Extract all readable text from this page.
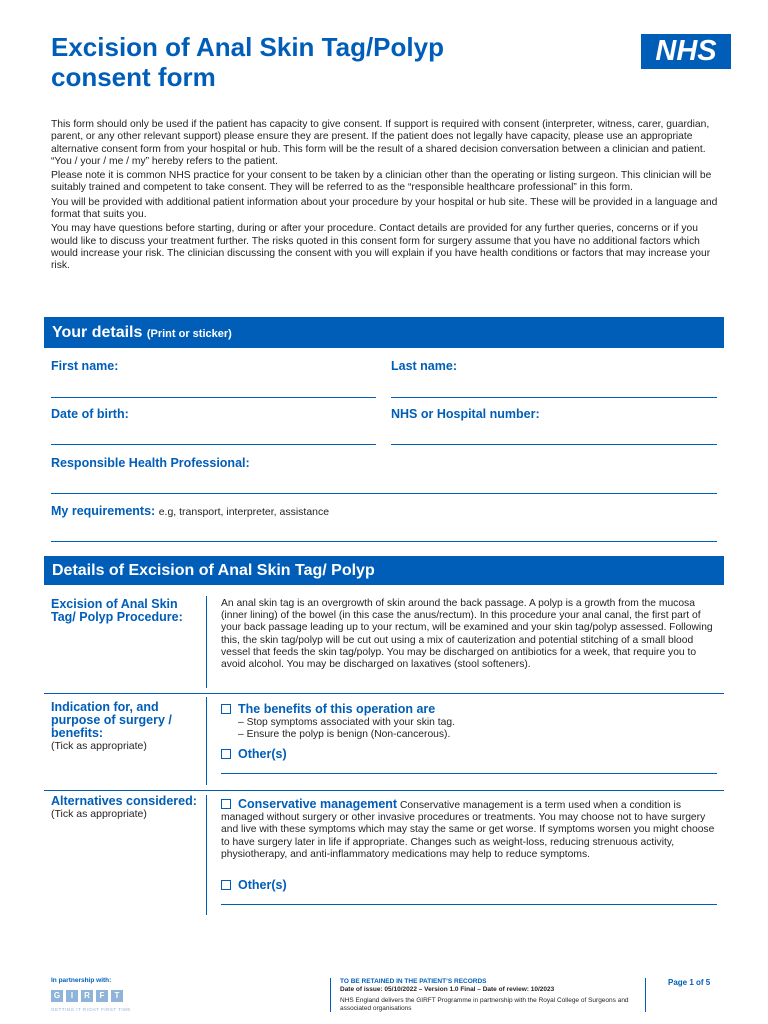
Excision of Anal Skin Tag/Polyp
consent form
NHS

This form should only be used if the patient has capacity to give consent. If support is required with consent (interpreter, witness, carer, guardian, parent, or any other relevant support) please ensure they are present. If the patient does not legally have capacity, please use an appropriate alternative consent form from your hospital or hub. This form will be the result of a shared decision conversation between a clinician and patient. “You / your / me / my” hereby refers to the patient.

Please note it is common NHS practice for your consent to be taken by a clinician other than the operating or listing surgeon. This clinician will be suitably trained and competent to take consent. They will be referred to as the “responsible healthcare professional” in this form.

You will be provided with additional patient information about your procedure by your hospital or hub site. These will be provided in a language and format that suits you.

You may have questions before starting, during or after your procedure. Contact details are provided for any further queries, concerns or if you would like to discuss your treatment further. The risks quoted in this consent form for surgery assume that you have no additional factors which would increase your risk. The clinician discussing the consent with you will explain if you have health conditions or factors that may increase your risk.

Your details (Print or sticker)
First name:	Last name:
Date of birth:	NHS or Hospital number:
Responsible Health Professional:
My requirements: e.g, transport, interpreter, assistance
Details of Excision of Anal Skin Tag/ Polyp
Excision of Anal Skin Tag/ Polyp Procedure:
An anal skin tag is an overgrowth of skin around the back passage. A polyp is a growth from the mucosa (inner lining) of the bowel (in this case the anus/rectum). In this procedure your anal canal, the first part of your back passage leading up to your rectum, will be examined and your skin tag/polyp assessed. Following this, the skin tag/polyp will be cut out using a mix of cauterization and potential stitching of a small blood vessel that feeds the skin tag/polyp. You may be discharged on antibiotics for a week, that require you to avoid alcohol. You may be discharged on laxatives (stool softeners).
Indication for, and purpose of surgery / benefits:
(Tick as appropriate)
The benefits of this operation are
– Stop symptoms associated with your skin tag.
– Ensure the polyp is benign (Non-cancerous).
Other(s)
Alternatives considered:
(Tick as appropriate)
Conservative management Conservative management is a term used when a condition is managed without surgery or other invasive procedures or treatments. You may choose not to have surgery and live with these symptoms which may stay the same or get worse. If symptoms worsen you might choose to have surgery later in life if appropriate. Changes such as weight-loss, reducing strenuous activity, physiotherapy, and anti-inflammatory medications may help to reduce symptoms.
Other(s)
In partnership with:
G	I	R	F	T
GETTING IT RIGHT FIRST TIME
TO BE RETAINED IN THE PATIENT’S RECORDS
Date of issue: 05/10/2022 – Version 1.0 Final – Date of review: 10/2023
NHS England delivers the GIRFT Programme in partnership with the Royal College of Surgeons and associated organisations
Page 1 of 5
